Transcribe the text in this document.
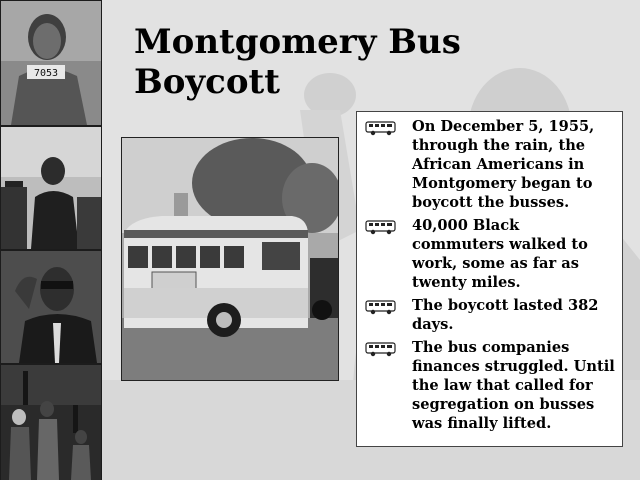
7053
Montgomery Bus Boycott
On December 5, 1955, through the rain, the African Americans in Montgomery began to boycott the busses.
40,000 Black commuters walked to work, some as far as twenty miles.
The boycott lasted 382 days.
The bus companies finances struggled. Until the law that called for segregation on busses was finally lifted.
